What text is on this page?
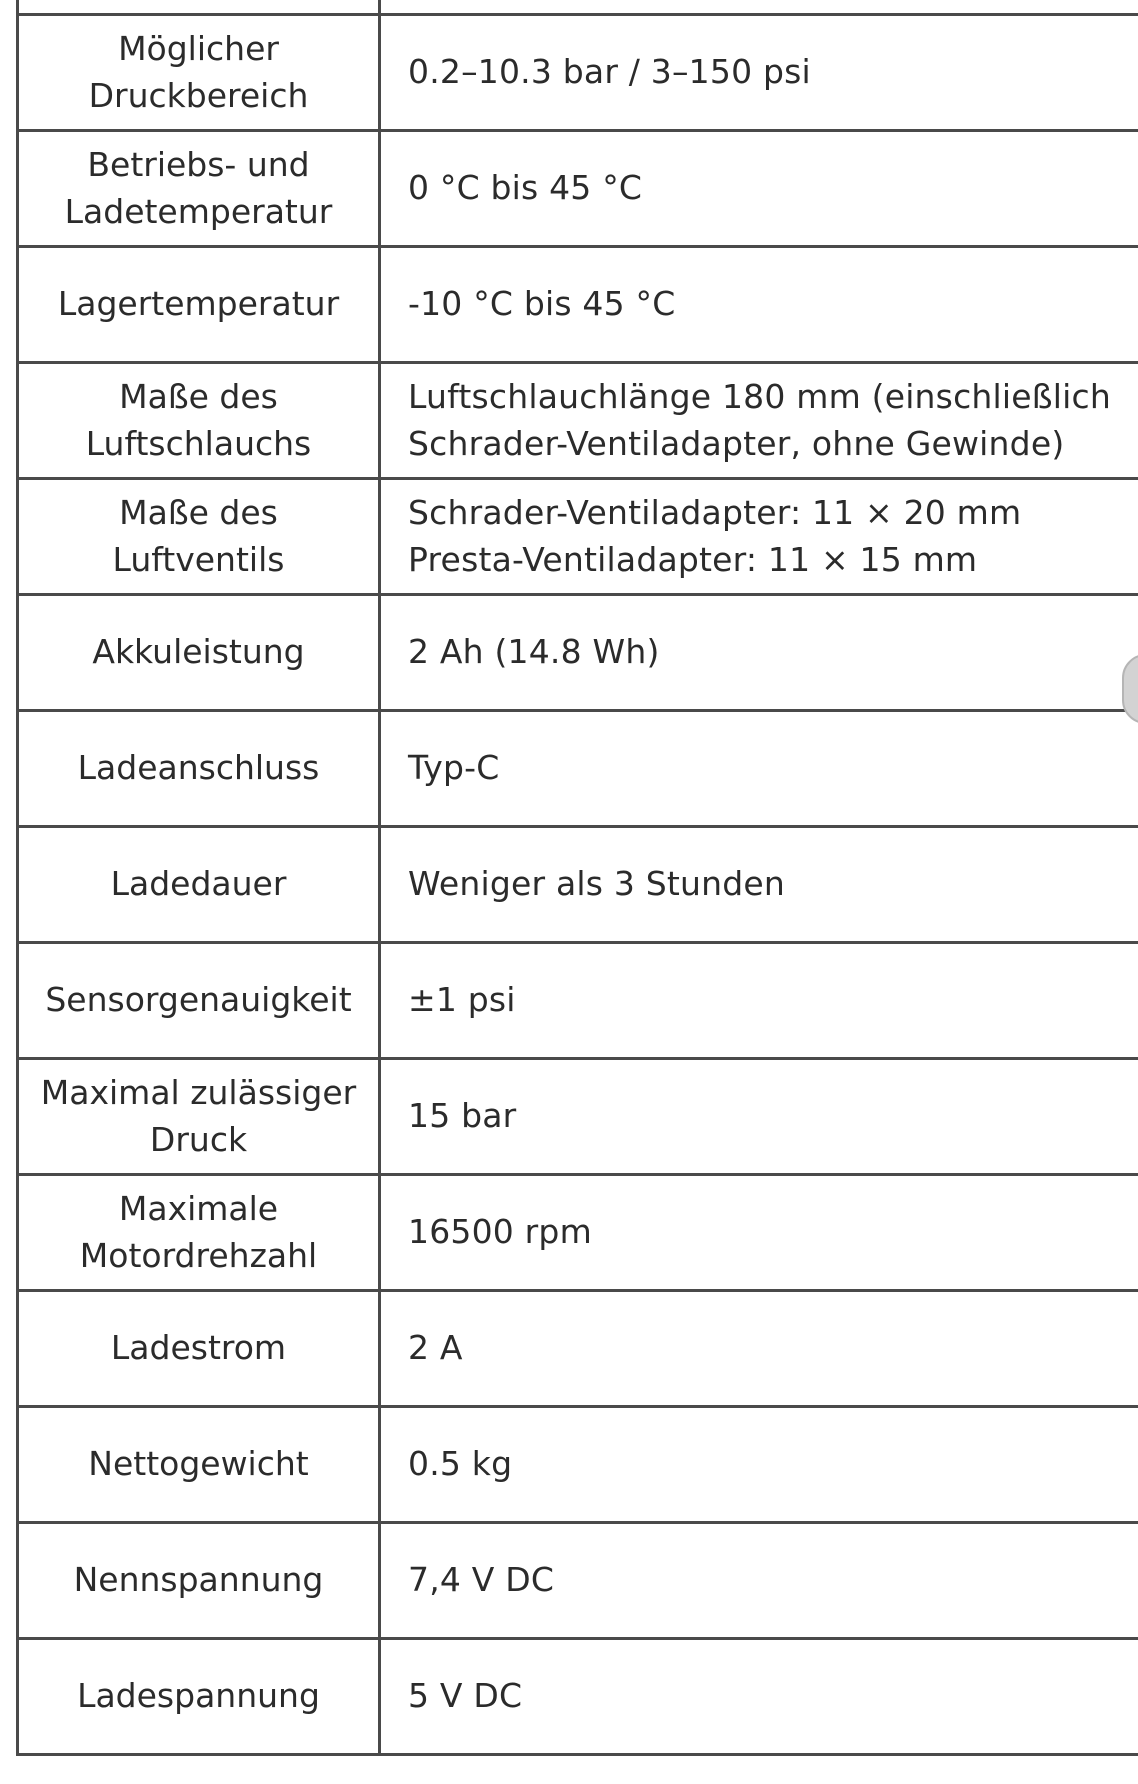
Möglicher Druckbereich	0.2–10.3 bar / 3–150 psi
Betriebs- und Ladetemperatur	0 °C bis 45 °C
Lagertemperatur	-10 °C bis 45 °C
Maße des Luftschlauchs	Luftschlauchlänge 180 mm (einschließlich
Schrader-Ventiladapter, ohne Gewinde)

Maße des Luftventils	Schrader-Ventiladapter: 11 × 20 mm
Presta-Ventiladapter: 11 × 15 mm

Akkuleistung	2 Ah (14.8 Wh)
Ladeanschluss	Typ-C
Ladedauer	Weniger als 3 Stunden
Sensorgenauigkeit	±1 psi
Maximal zulässiger Druck	15 bar
Maximale Motordrehzahl	16500 rpm
Ladestrom	2 A
Nettogewicht	0.5 kg
Nennspannung	7,4 V DC
Ladespannung	5 V DC
